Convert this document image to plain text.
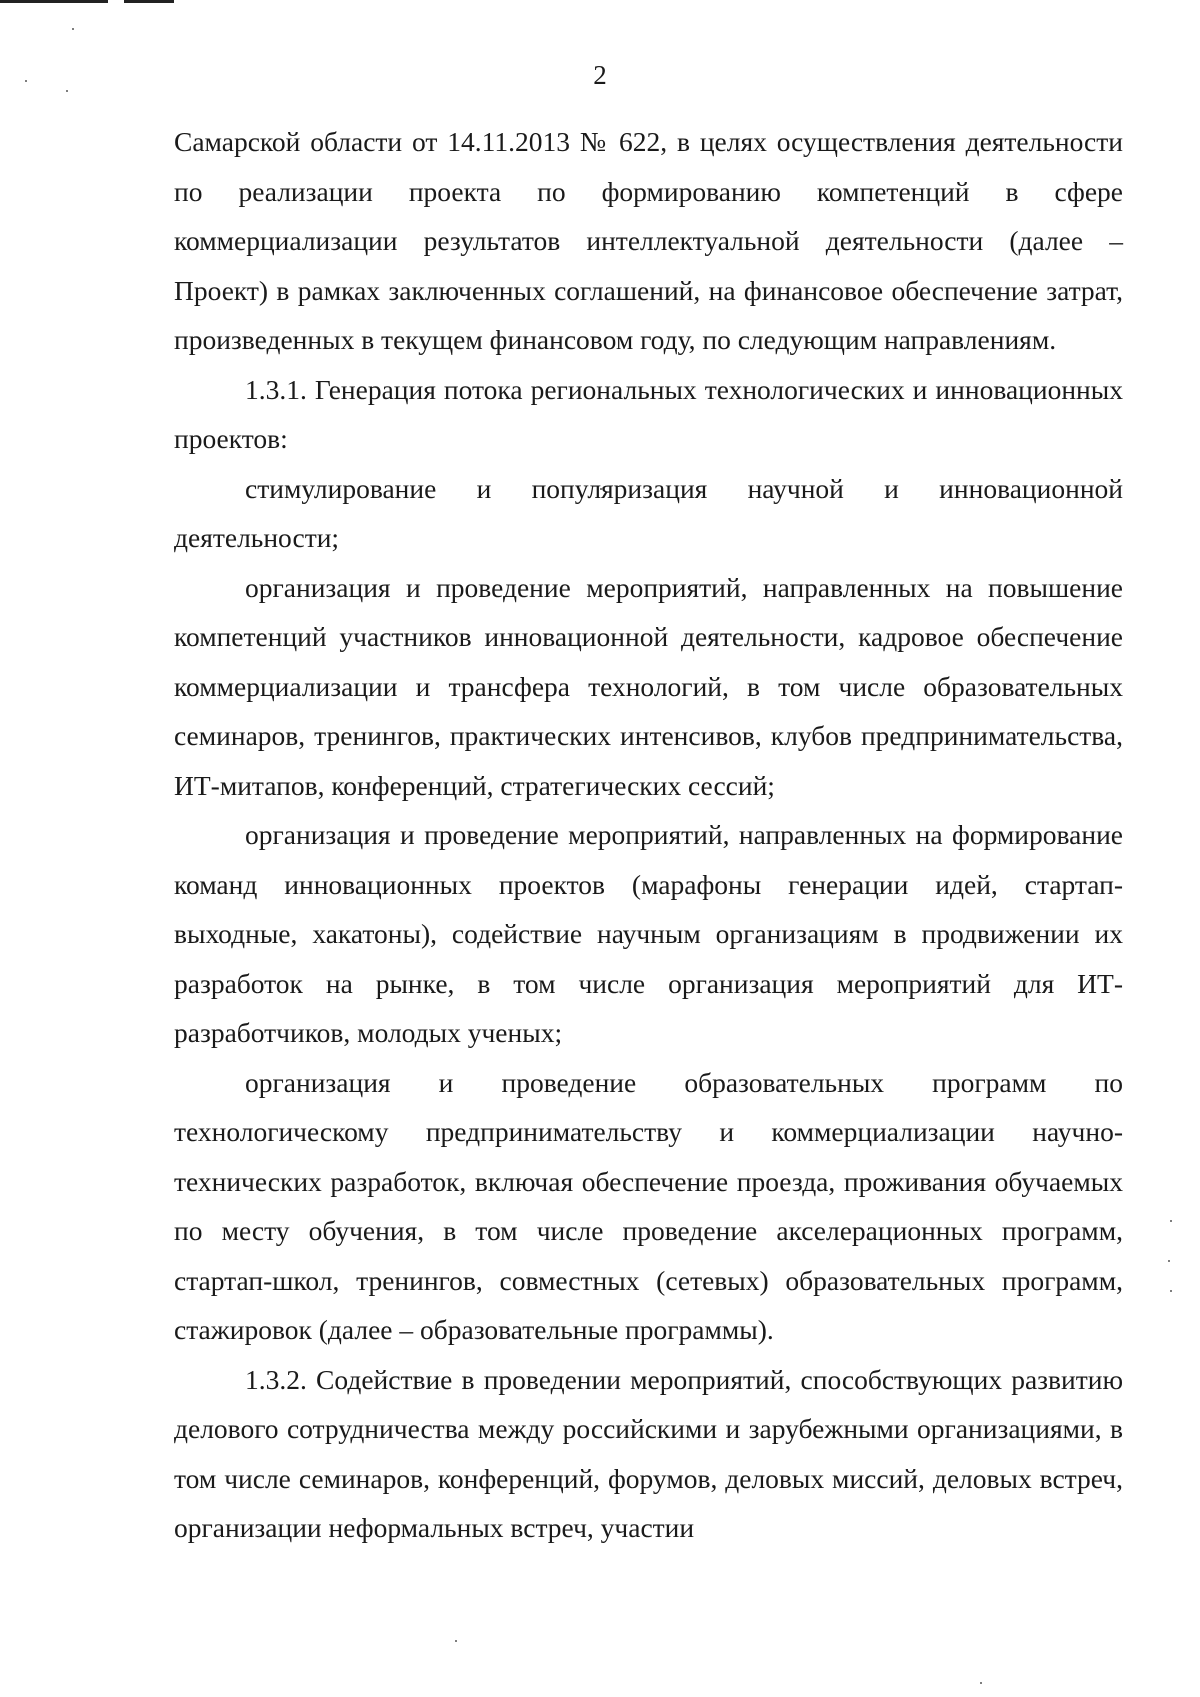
2

Самарской области от 14.11.2013 № 622, в целях осуществления деятельности по реализации проекта по формированию компетенций в сфере коммерциализации результатов интеллектуальной деятельности (далее – Проект) в рамках заключенных соглашений, на финансовое обеспечение затрат, произведенных в текущем финансовом году, по следующим направлениям.

1.3.1. Генерация потока региональных технологических и инновационных проектов:

стимулирование и популяризация научной и инновационной деятельности;

организация и проведение мероприятий, направленных на повышение компетенций участников инновационной деятельности, кадровое обеспечение коммерциализации и трансфера технологий, в том числе образовательных семинаров, тренингов, практических интенсивов, клубов предпринимательства, ИТ-митапов, конференций, стратегических сессий;

организация и проведение мероприятий, направленных на формирование команд инновационных проектов (марафоны генерации идей, стартап-выходные, хакатоны), содействие научным организациям в продвижении их разработок на рынке, в том числе организация мероприятий для ИТ-разработчиков, молодых ученых;

организация и проведение образовательных программ по технологическому предпринимательству и коммерциализации научно-технических разработок, включая обеспечение проезда, проживания обучаемых по месту обучения, в том числе проведение акселерационных программ, стартап-школ, тренингов, совместных (сетевых) образовательных программ, стажировок (далее – образовательные программы).

1.3.2. Содействие в проведении мероприятий, способствующих развитию делового сотрудничества между российскими и зарубежными организациями, в том числе семинаров, конференций, форумов, деловых миссий, деловых встреч, организации неформальных встреч, участии
